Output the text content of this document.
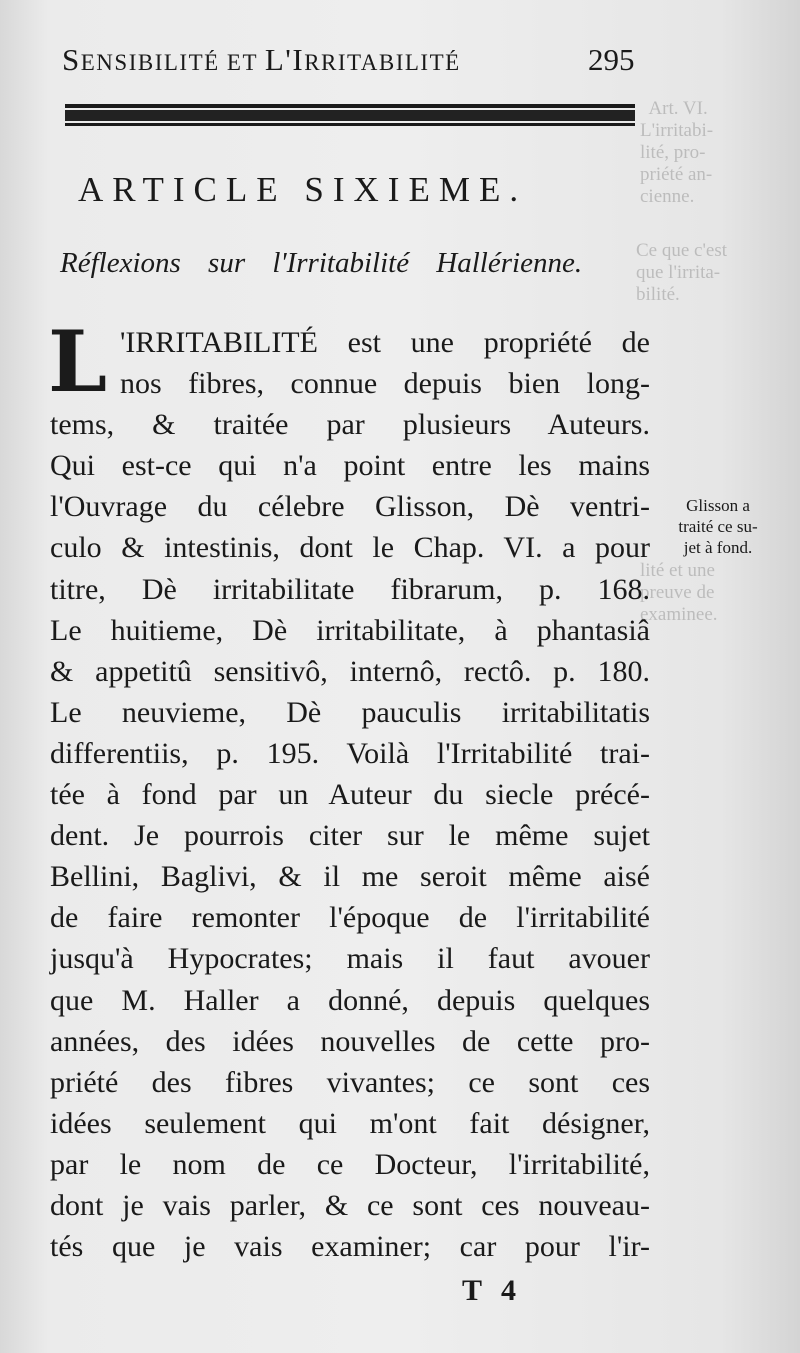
Art. VI.
L'irritabi-
lité, pro-
priété an-
cienne.
Ce que c'est
que l'irrita-
bilité.
lité et une
preuve de
examinee.
SENSIBILITÉ ET L'IRRITABILITÉ	295
ARTICLE SIXIEME.
Réflexions sur l'Irritabilité Hallérienne.
L 'IRRITABILITÉ est une propriété de
nos fibres, connue depuis bien long-
tems, & traitée par plusieurs Auteurs.
Qui est-ce qui n'a point entre les mains
l'Ouvrage du célebre Glisson, Dè ventri-
culo & intestinis, dont le Chap. VI. a pour
titre, Dè irritabilitate fibrarum, p. 168.
Le huitieme, Dè irritabilitate, à phantasiâ
& appetitû sensitivô, internô, rectô. p. 180.
Le neuvieme, Dè pauculis irritabilitatis
differentiis, p. 195. Voilà l'Irritabilité trai-
tée à fond par un Auteur du siecle précé-
dent. Je pourrois citer sur le même sujet
Bellini, Baglivi, & il me seroit même aisé
de faire remonter l'époque de l'irritabilité
jusqu'à Hypocrates; mais il faut avouer
que M. Haller a donné, depuis quelques
années, des idées nouvelles de cette pro-
priété des fibres vivantes; ce sont ces
idées seulement qui m'ont fait désigner,
par le nom de ce Docteur, l'irritabilité,
dont je vais parler, & ce sont ces nouveau-
tés que je vais examiner; car pour l'ir-
Glisson a
traité ce su-
jet à fond.
T 4
